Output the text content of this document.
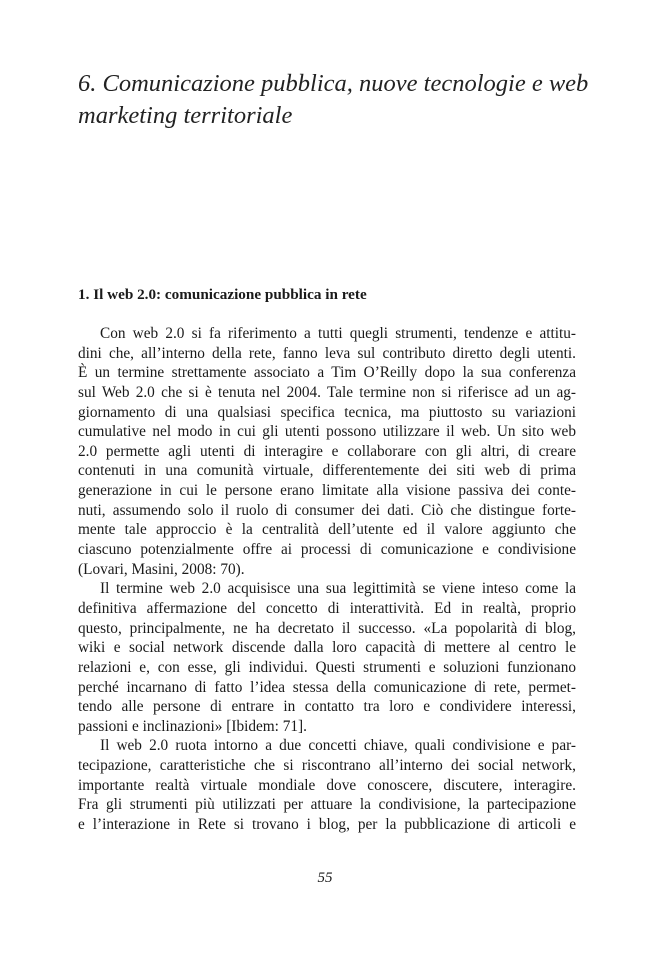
6. Comunicazione pubblica, nuove tecnologie e web
marketing territoriale
1. Il web 2.0: comunicazione pubblica in rete
Con web 2.0 si fa riferimento a tutti quegli strumenti, tendenze e attitu-
dini che, all’interno della rete, fanno leva sul contributo diretto degli utenti.
È un termine strettamente associato a Tim O’Reilly dopo la sua conferenza
sul Web 2.0 che si è tenuta nel 2004. Tale termine non si riferisce ad un ag-
giornamento di una qualsiasi specifica tecnica, ma piuttosto su variazioni
cumulative nel modo in cui gli utenti possono utilizzare il web. Un sito web
2.0 permette agli utenti di interagire e collaborare con gli altri, di creare
contenuti in una comunità virtuale, differentemente dei siti web di prima
generazione in cui le persone erano limitate alla visione passiva dei conte-
nuti, assumendo solo il ruolo di consumer dei dati. Ciò che distingue forte-
mente tale approccio è la centralità dell’utente ed il valore aggiunto che
ciascuno potenzialmente offre ai processi di comunicazione e condivisione
(Lovari, Masini, 2008: 70).
Il termine web 2.0 acquisisce una sua legittimità se viene inteso come la
definitiva affermazione del concetto di interattività. Ed in realtà, proprio
questo, principalmente, ne ha decretato il successo. «La popolarità di blog,
wiki e social network discende dalla loro capacità di mettere al centro le
relazioni e, con esse, gli individui. Questi strumenti e soluzioni funzionano
perché incarnano di fatto l’idea stessa della comunicazione di rete, permet-
tendo alle persone di entrare in contatto tra loro e condividere interessi,
passioni e inclinazioni» [Ibidem: 71].
Il web 2.0 ruota intorno a due concetti chiave, quali condivisione e par-
tecipazione, caratteristiche che si riscontrano all’interno dei social network,
importante realtà virtuale mondiale dove conoscere, discutere, interagire.
Fra gli strumenti più utilizzati per attuare la condivisione, la partecipazione
e l’interazione in Rete si trovano i blog, per la pubblicazione di articoli e
55
